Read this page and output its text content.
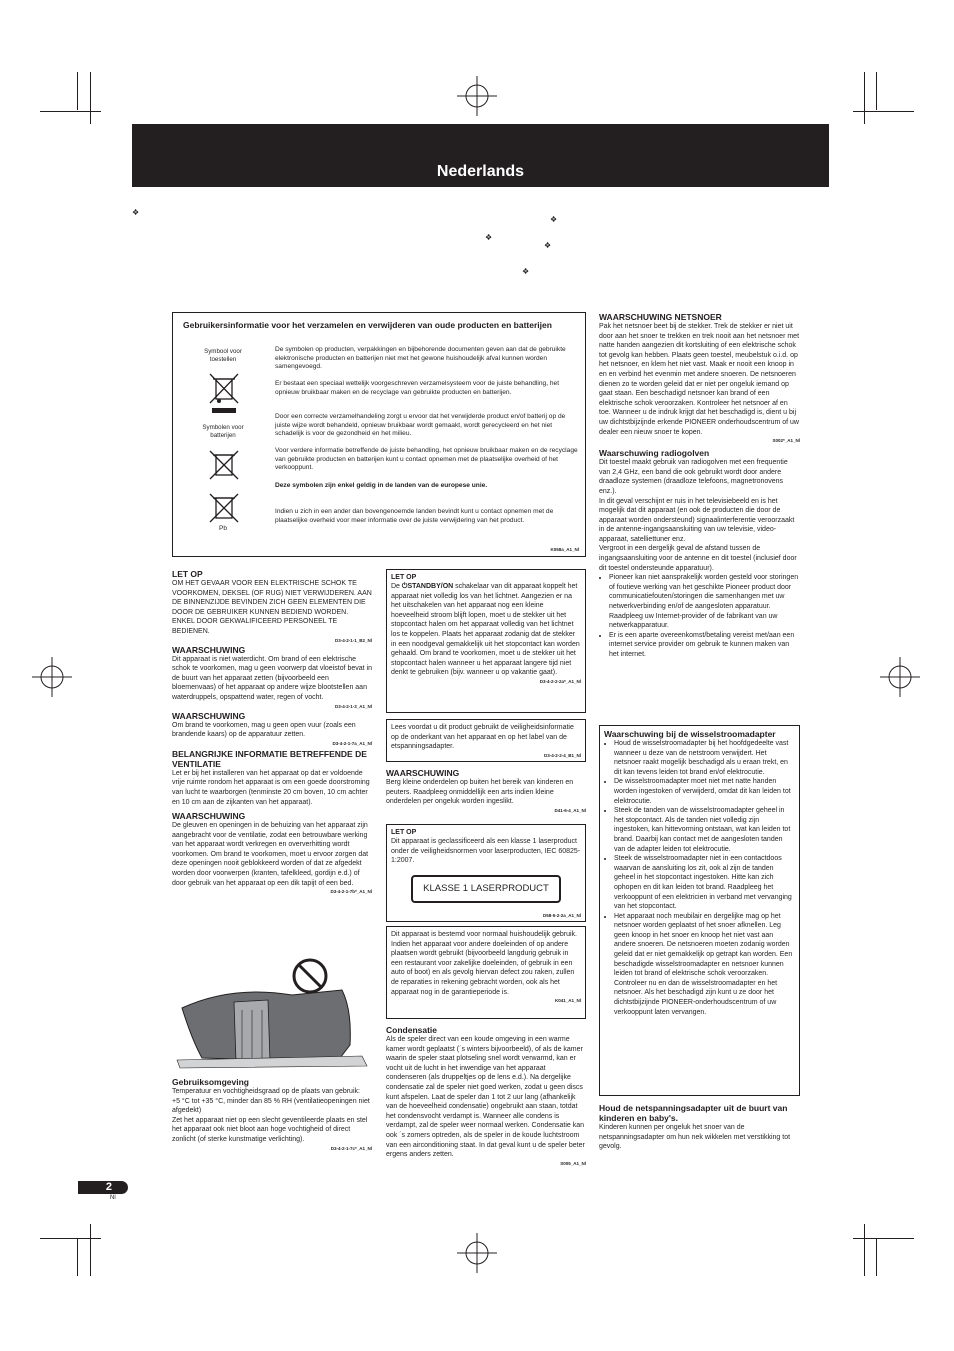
Nederlands
❖
❖
❖
❖
❖
Gebruikersinformatie voor het verzamelen en verwijderen van oude producten en batterijen
Symbool voor toestellen
Symbolen voor batterijen
Pb
De symbolen op producten, verpakkingen en bijbehorende documenten geven aan dat de gebruikte elektronische producten en batterijen niet met het gewone huishoudelijk afval kunnen worden samengevoegd.
Er bestaat een speciaal wettelijk voorgeschreven verzamelsysteem voor de juiste behandling, het opnieuw bruikbaar maken en de recyclage van gebruikte producten en batterijen.
Door een correcte verzamelhandeling zorgt u ervoor dat het verwijderde product en/of batterij op de juiste wijze wordt behandeld, opnieuw bruikbaar wordt gemaakt, wordt gerecycleerd en het niet schadelijk is voor de gezondheid en het milieu.
Voor verdere informatie betreffende de juiste behandling, het opnieuw bruikbaar maken en de recyclage van gebruikte producten en batterijen kunt u contact opnemen met de plaatselijke overheid of het verkooppunt.
Deze symbolen zijn enkel geldig in de landen van de europese unie.
Indien u zich in een ander dan bovengenoemde landen bevindt kunt u contact opnemen met de plaatselijke overheid voor meer informatie over de juiste verwijdering van het product.
K058a_A1_Nl
LET OP

OM HET GEVAAR VOOR EEN ELEKTRISCHE SCHOK TE VOORKOMEN, DEKSEL (OF RUG) NIET VERWIJDEREN. AAN DE BINNENZIJDE BEVINDEN ZICH GEEN ELEMENTEN DIE DOOR DE GEBRUIKER KUNNEN BEDIEND WORDEN. ENKEL DOOR GEKWALIFICEERD PERSONEEL TE BEDIENEN.

D3-4-2-1-1_B2_Nl
WAARSCHUWING

Dit apparaat is niet waterdicht. Om brand of een elektrische schok te voorkomen, mag u geen voorwerp dat vloeistof bevat in de buurt van het apparaat zetten (bijvoorbeeld een bloemenvaas) of het apparaat op andere wijze blootstellen aan waterdruppels, opspattend water, regen of vocht.

D3-4-2-1-3_A1_Nl
WAARSCHUWING

Om brand te voorkomen, mag u geen open vuur (zoals een brandende kaars) op de apparatuur zetten.

D3-4-2-1-7a_A1_Nl
BELANGRIJKE INFORMATIE BETREFFENDE DE VENTILATIE

Let er bij het installeren van het apparaat op dat er voldoende vrije ruimte rondom het apparaat is om een goede doorstroming van lucht te waarborgen (tenminste 20 cm boven, 10 cm achter en 10 cm aan de zijkanten van het apparaat).

WAARSCHUWING

De gleuven en openingen in de behuizing van het apparaat zijn aangebracht voor de ventilatie, zodat een betrouwbare werking van het apparaat wordt verkregen en oververhitting wordt voorkomen. Om brand te voorkomen, moet u ervoor zorgen dat deze openingen nooit geblokkeerd worden of dat ze afgedekt worden door voorwerpen (kranten, tafelkleed, gordijn e.d.) of door gebruik van het apparaat op een dik tapijt of een bed.

D3-4-2-1-7b*_A1_Nl
Gebruiksomgeving

Temperatuur en vochtigheidsgraad op de plaats van gebruik:

+5 °C tot +35 °C, minder dan 85 % RH (ventilatieopeningen niet afgedekt)

Zet het apparaat niet op een slecht geventileerde plaats en stel het apparaat ook niet bloot aan hoge vochtigheid of direct zonlicht (of sterke kunstmatige verlichting).

D3-4-2-1-7c*_A1_Nl
LET OP

De ⏻STANDBY/ON schakelaar van dit apparaat koppelt het apparaat niet volledig los van het lichtnet. Aangezien er na het uitschakelen van het apparaat nog een kleine hoeveelheid stroom blijft lopen, moet u de stekker uit het stopcontact halen om het apparaat volledig van het lichtnet los te koppelen. Plaats het apparaat zodanig dat de stekker in een noodgeval gemakkelijk uit het stopcontact kan worden gehaald. Om brand te voorkomen, moet u de stekker uit het stopcontact halen wanneer u het apparaat langere tijd niet denkt te gebruiken (bijv. wanneer u op vakantie gaat).

D3-4-2-2-2a*_A1_Nl

Lees voordat u dit product gebruikt de veiligheidsinformatie op de onderkant van het apparaat en op het label van de etspanningsadapter.

D3-4-2-2-4_B1_Nl
WAARSCHUWING

Berg kleine onderdelen op buiten het bereik van kinderen en peuters. Raadpleeg onmiddellijk een arts indien kleine onderdelen per ongeluk worden ingeslikt.

D41-6-4_A1_Nl
LET OP

Dit apparaat is geclassificeerd als een klasse 1 laserproduct onder de veiligheidsnormen voor laserproducten, IEC 60825-1:2007.

KLASSE 1 LASERPRODUCT
D58-5-2-2a_A1_Nl

Dit apparaat is bestemd voor normaal huishoudelijk gebruik. Indien het apparaat voor andere doeleinden of op andere plaatsen wordt gebruikt (bijvoorbeeld langdurig gebruik in een restaurant voor zakelijke doeleinden, of gebruik in een auto of boot) en als gevolg hiervan defect zou raken, zullen de reparaties in rekening gebracht worden, ook als het apparaat nog in de garantieperiode is.

K041_A1_Nl
Condensatie

Als de speler direct van een koude omgeving in een warme kamer wordt geplaatst (´s winters bijvoorbeeld), of als de kamer waarin de speler staat plotseling snel wordt verwarmd, kan er vocht uit de lucht in het inwendige van het apparaat condenseren (als druppeltjes op de lens e.d.). Na dergelijke condensatie zal de speler niet goed werken, zodat u geen discs kunt afspelen. Laat de speler dan 1 tot 2 uur lang (afhankelijk van de hoeveelheid condensatie) ongebruikt aan staan, totdat het condensvocht verdampt is. Wanneer alle condens is

verdampt, zal de speler weer normaal werken. Condensatie kan ook ´s zomers optreden, als de speler in de koude luchtstroom van een airconditioning staat. In dat geval kunt u de speler beter ergens anders zetten.

S005_A1_Nl
WAARSCHUWING NETSNOER

Pak het netsnoer beet bij de stekker. Trek de stekker er niet uit door aan het snoer te trekken en trek nooit aan het netsnoer met natte handen aangezien dit kortsluiting of een elektrische schok tot gevolg kan hebben. Plaats geen toestel, meubelstuk o.i.d. op het netsnoer, en klem het niet vast. Maak er nooit een knoop in en en verbind het evenmin met andere snoeren. De netsnoeren dienen zo te worden geleid dat er niet per ongeluk iemand op gaat staan. Een beschadigd netsnoer kan brand of een elektrische schok veroorzaken. Kontroleer het netsnoer af en toe. Wanneer u de indruk krijgt dat het beschadigd is, dient u bij uw dichtstbijzijnde erkende PIONEER onderhoudscentrum of uw dealer een nieuw snoer te kopen.

S002*_A1_Nl
Waarschuwing radiogolven

Dit toestel maakt gebruik van radiogolven met een frequentie van 2,4 GHz, een band die ook gebruikt wordt door andere draadloze systemen (draadloze telefoons, magnetronovens enz.).

In dit geval verschijnt er ruis in het televisiebeeld en is het mogelijk dat dit apparaat (en ook de producten die door de apparaat worden ondersteund) signaalinterferentie veroorzaakt in de antenne-ingangsaansluiting van uw televisie, video-apparaat, satelliettuner enz.

Vergroot in een dergelijk geval de afstand tussen de ingangsaansluiting voor de antenne en dit toestel (inclusief door dit toestel ondersteunde apparatuur).

• Pioneer kan niet aansprakelijk worden gesteld voor storingen of foutieve werking van het geschikte Pioneer product door communicatiefouten/storingen die samenhangen met uw netwerkverbinding en/of de aangesloten apparatuur. Raadpleeg uw Internet-provider of de fabrikant van uw netwerkapparatuur.
• Er is een aparte overeenkomst/betaling vereist met/aan een internet service provider om gebruik te kunnen maken van het internet.
Waarschuwing bij de wisselstroomadapter
• Houd de wisselstroomadapter bij het hoofdgedeelte vast wanneer u deze van de netstroom verwijdert. Het netsnoer raakt mogelijk beschadigd als u eraan trekt, en dit kan tevens leiden tot brand en/of elektrocutie.
• De wisselstroomadapter moet niet met natte handen worden ingestoken of verwijderd, omdat dit kan leiden tot elektrocutie.
• Steek de tanden van de wisselstroomadapter geheel in het stopcontact. Als de tanden niet volledig zijn ingestoken, kan hittevorming ontstaan, wat kan leiden tot brand. Daarbij kan contact met de aangesloten tanden van de adapter leiden tot elektrocutie.
• Steek de wisselstroomadapter niet in een contactdoos waarvan de aansluiting los zit, ook al zijn de tanden geheel in het stopcontact ingestoken. Hitte kan zich ophopen en dit kan leiden tot brand. Raadpleeg het verkooppunt of een elektricien in verband met vervanging van het stopcontact.
• Het apparaat noch meubilair en dergelijke mag op het netsnoer worden geplaatst of het snoer afknellen. Leg geen knoop in het snoer en knoop het niet vast aan andere snoeren. De netsnoeren moeten zodanig worden geleid dat er niet gemakkelijk op getrapt kan worden. Een beschadigde wisselstroomadapter en netsnoer kunnen leiden tot brand of elektrische schok veroorzaken. Controleer nu en dan de wisselstroomadapter en het netsnoer. Als het beschadigd zijn kunt u ze door het dichtstbijzijnde PIONEER-onderhoudscentrum of uw verkooppunt laten vervangen.
Houd de netspanningsadapter uit de buurt van kinderen en baby's.

Kinderen kunnen per ongeluk het snoer van de netspanningsadapter om hun nek wikkelen met verstikking tot gevolg.

2
Nl
